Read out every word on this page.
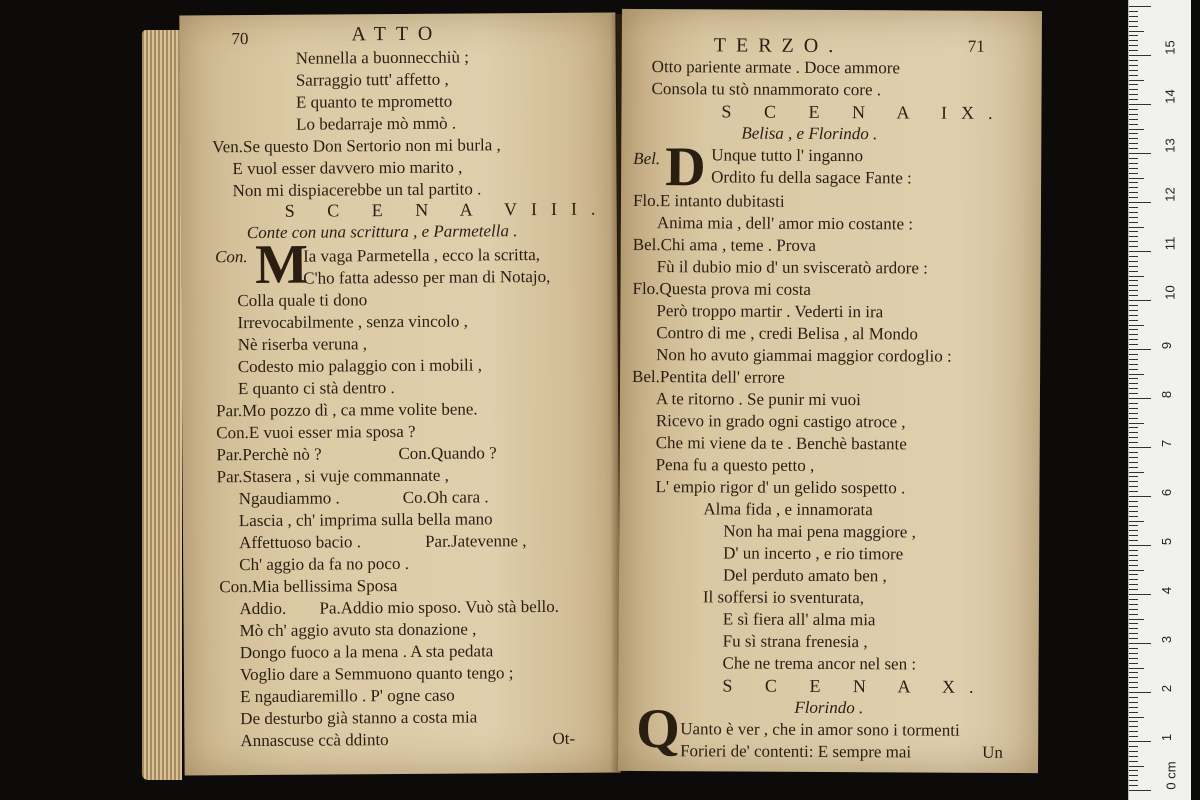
70	ATTO
Nennella a buonnecchiù ;
Sarraggio tutt' affetto ,
E quanto te mprometto
Lo bedarraje mò mmò .
Ven.Se questo Don Sertorio non mi burla ,
E vuol esser davvero mio marito ,
Non mi dispiacerebbe un tal partito .
S C E N A VIII.
Conte con una scrittura , e Parmetella .
Con. M
Ia vaga Parmetella , ecco la scritta,
C'ho fatta adesso per man di Notajo,
Colla quale ti dono
Irrevocabilmente , senza vincolo ,
Nè riserba veruna ,
Codesto mio palaggio con i mobili ,
E quanto ci stà dentro .
Par.Mo pozzo dì , ca mme volite bene.
Con.E vuoi esser mia sposa ?
Par.Perchè nò ?	Con.Quando ?
Par.Stasera , si vuje commannate ,
Ngaudiammo .	Co.Oh cara .
Lascia , ch' imprima sulla bella mano
Affettuoso bacio .	Par.Jatevenne ,
Ch' aggio da fa no poco .
Con.Mia bellissima Sposa
Addio. Pa.Addio mio sposo. Vuò stà bello.
Mò ch' aggio avuto sta donazione ,
Dongo fuoco a la mena . A sta pedata
Voglio dare a Semmuono quanto tengo ;
E ngaudiaremillo . P' ogne caso
De desturbo già stanno a costa mia
Annascuse ccà ddinto	Ot-
TERZO.	71
Otto pariente armate . Doce ammore
Consola tu stò nnammorato core .
S C E N A IX.
Belisa , e Florindo .
Bel. D Unque tutto l' inganno
Ordito fu della sagace Fante :
Flo.E intanto dubitasti
Anima mia , dell' amor mio costante :
Bel.Chi ama , teme . Prova
Fù il dubio mio d' un svisceratò ardore :
Flo.Questa prova mi costa
Però troppo martir . Vederti in ira
Contro di me , credi Belisa , al Mondo
Non ho avuto giammai maggior cordoglio :
Bel.Pentita dell' errore
A te ritorno . Se punir mi vuoi
Ricevo in grado ogni castigo atroce ,
Che mi viene da te . Benchè bastante
Pena fu a questo petto ,
L' empio rigor d' un gelido sospetto .
Alma fida , e innamorata
Non ha mai pena maggiore ,
D' un incerto , e rio timore
Del perduto amato ben ,
Il soffersi io sventurata,
E sì fiera all' alma mia
Fu sì strana frenesia ,
Che ne trema ancor nel sen :
S C E N A X.
Florindo .
Q Uanto è ver , che in amor sono i tormenti
Forieri de' contenti: E sempre mai	Un
0 cm
1
2
3
4
5
6
7
8
9
10
11
12
13
14
15
